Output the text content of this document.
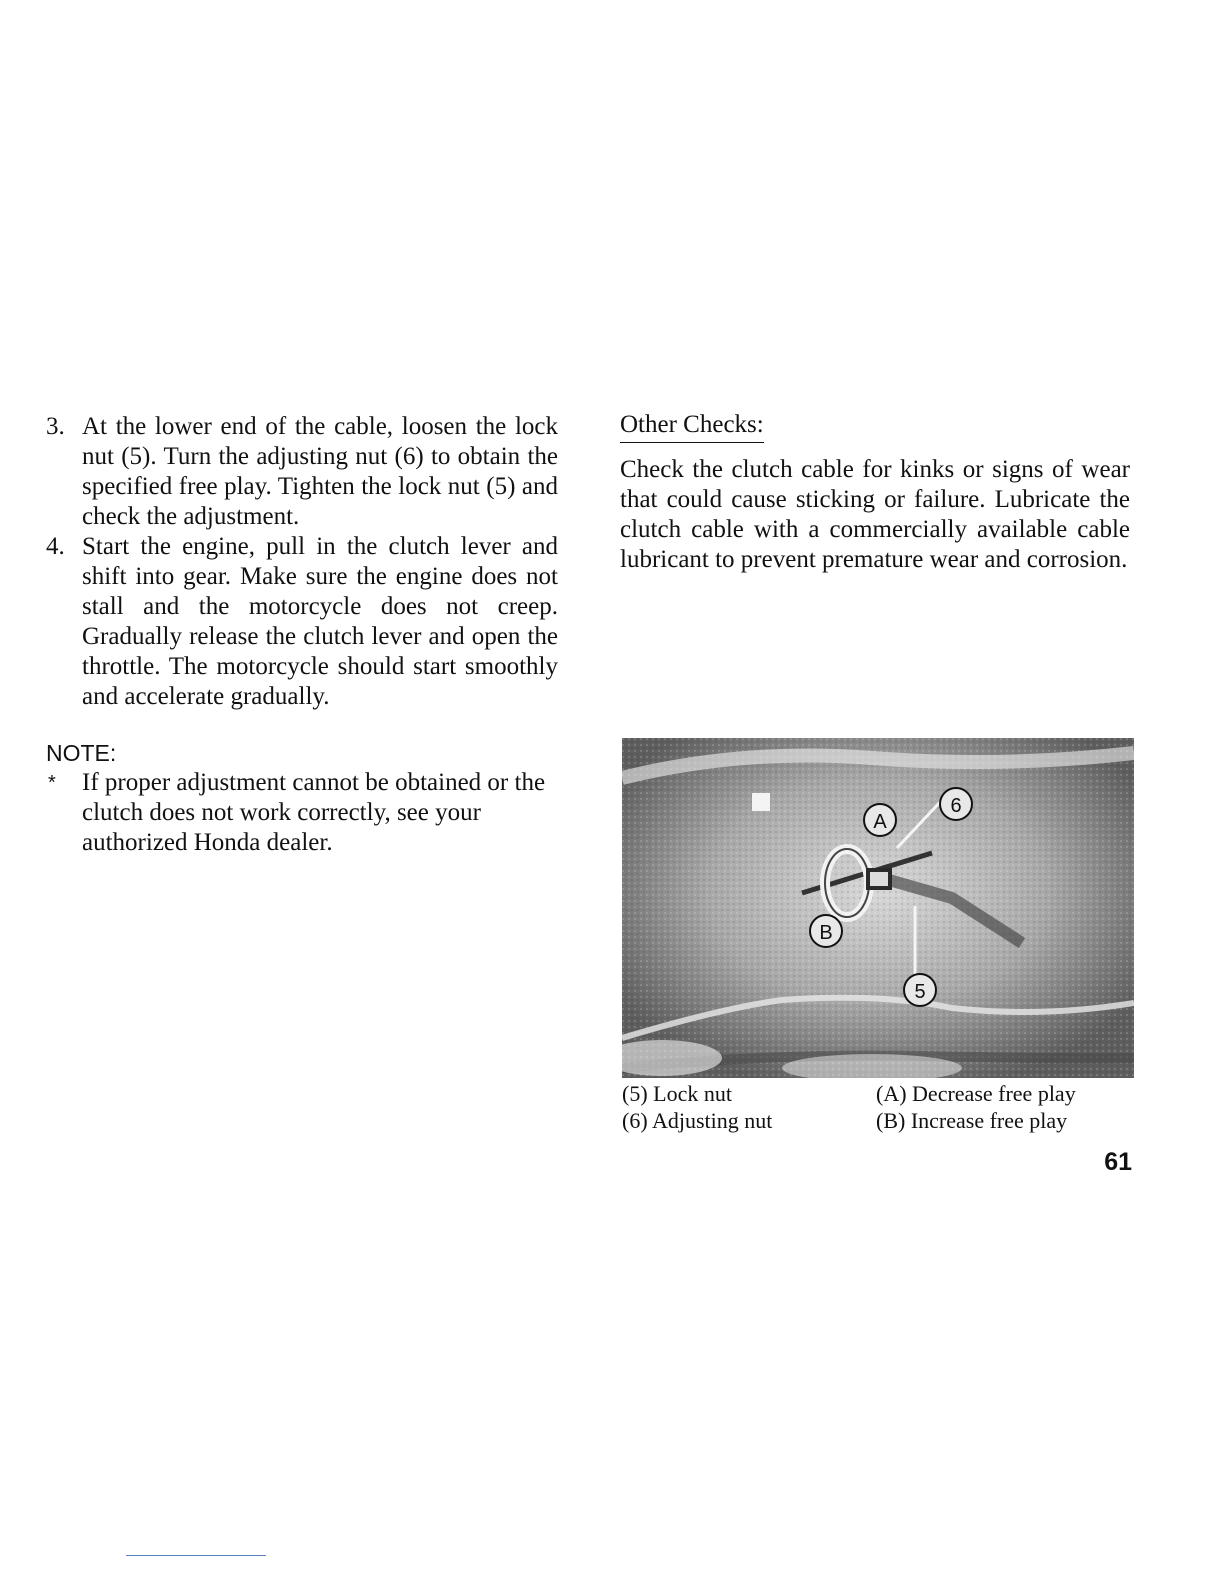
3. At the lower end of the cable, loosen the lock nut (5). Turn the adjusting nut (6) to obtain the specified free play. Tighten the lock nut (5) and check the adjustment.
4. Start the engine, pull in the clutch lever and shift into gear. Make sure the engine does not stall and the motorcycle does not creep. Gradually release the clutch lever and open the throttle. The motorcycle should start smoothly and accelerate gradually.
NOTE:
* If proper adjustment cannot be obtained or the clutch does not work correctly, see your authorized Honda dealer.
Other Checks:
Check the clutch cable for kinks or signs of wear that could cause sticking or failure. Lubricate the clutch cable with a commercially available cable lubricant to prevent premature wear and corrosion.
A
6
B
5
(5) Lock nut	(A) Decrease free play
(6) Adjusting nut	(B) Increase free play
61
